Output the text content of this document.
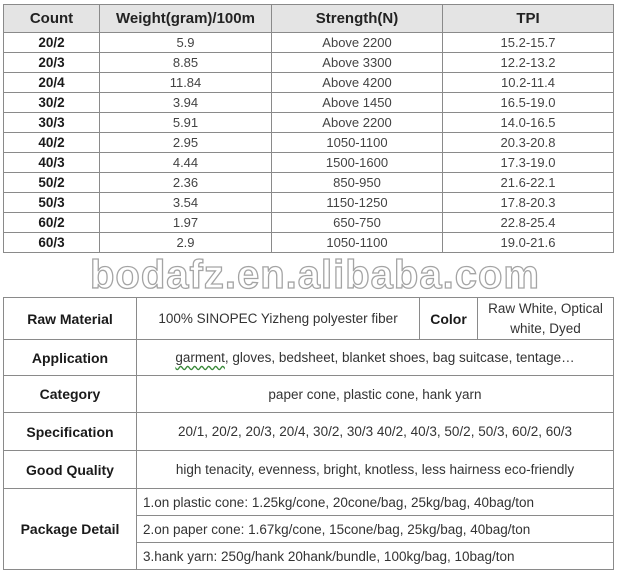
Count	Weight(gram)/100m	Strength(N)	TPI
20/2	5.9	Above 2200	15.2-15.7
20/3	8.85	Above 3300	12.2-13.2
20/4	11.84	Above 4200	10.2-11.4
30/2	3.94	Above 1450	16.5-19.0
30/3	5.91	Above 2200	14.0-16.5
40/2	2.95	1050-1100	20.3-20.8
40/3	4.44	1500-1600	17.3-19.0
50/2	2.36	850-950	21.6-22.1
50/3	3.54	1150-1250	17.8-20.3
60/2	1.97	650-750	22.8-25.4
60/3	2.9	1050-1100	19.0-21.6
bodafz.en.alibaba.com
Raw Material	100% SINOPEC Yizheng polyester fiber	Color	Raw White, Optical
white, Dyed

Application	garment, gloves, bedsheet, blanket shoes, bag suitcase, tentage…		
Category	paper cone, plastic cone, hank yarn		
Specification	20/1, 20/2, 20/3, 20/4, 30/2, 30/3 40/2, 40/3, 50/2, 50/3, 60/2, 60/3		
Good Quality	high tenacity, evenness, bright, knotless, less hairness eco-friendly		
Package Detail	1.on plastic cone: 1.25kg/cone, 20cone/bag, 25kg/bag, 40bag/ton		
	2.on paper cone: 1.67kg/cone, 15cone/bag, 25kg/bag, 40bag/ton		
	3.hank yarn: 250g/hank 20hank/bundle, 100kg/bag, 10bag/ton		
